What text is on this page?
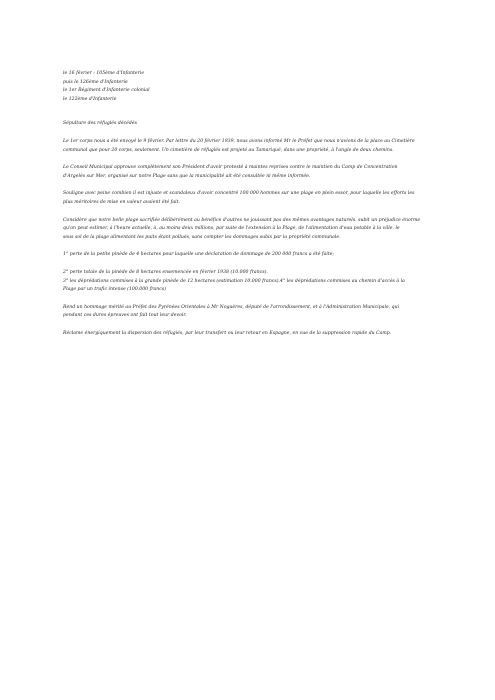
le 16 février : 105ème d'Infanterie

puis le 126ème d'Infanterie

le 1er Régiment d'Infanterie colonial

le 122ème d'Infanterie

Sépulture des réfugiés décédés

Le 1er corps nous a été envoyé le 9 février. Par lettre du 20 février 1939, nous avons informé Mr le Préfet que nous n'avions de la place au Cimetière
communal que pour 20 corps, seulement. Un cimetière de réfugiés est projeté au Tamariqué, dans une propriété, à l'angle de deux chemins.

Le Conseil Municipal approuve complètement son Président d'avoir protesté à maintes reprises contre le maintien du Camp de Concentration
d'Argelès sur Mer, organisé sur notre Plage sans que la municipalité ait été consultée ni même informée.

Souligne avec peine combien il est injuste et scandaleux d'avoir concentré 100 000 hommes sur une plage en plein essor, pour laquelle les efforts les
plus méritoires de mise en valeur avaient été fait.

Considère que notre belle plage sacrifiée délibérément au bénéfice d'autres ne jouissant pas des mêmes avantages naturels, subit un préjudice énorme
qu'on peut estimer, à l'heure actuelle, à, au moins deux millions, par suite de l'extension à la Plage, de l'alimentation d'eau potable à la ville, le
sous sol de la plage alimentant les puits étant pollués, sans compter les dommages subis par la propriété communale.

1° perte de la petite pinède de 4 hectares pour laquelle une déclaration de dommage de 200 000 francs a été faite;

2° perte totale de la pinède de 8 hectares ensemencée en février 1938 (10.000 francs).
3° les déprédations commises à la grande pinède de 12 hectares (estimation 10.000 francs).4° les déprédations commises au chemin d'accès à la
Plage par un trafic intense (100.000 francs)

Rend un hommage mérité au Préfet des Pyrénées Orientales à Mr Noguères, député de l'arrondissement, et à l'Administration Municipale, qui
pendant ces dures épreuves ont fait tout leur devoir.

Réclame énergiquement la dispersion des réfugiés, par leur transfert ou leur retour en Espagne, en vue de la suppression rapide du Camp.
